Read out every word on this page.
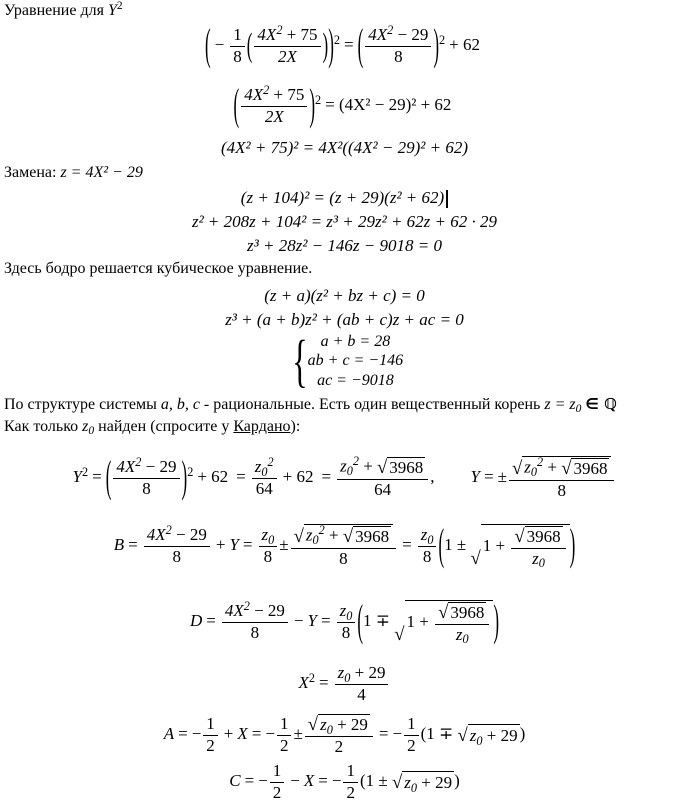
Уравнение для $Y^2$
( − $\frac{1}{8}$ ( $\frac{4X^2 + 75}{2X} ))^2$ = ( $\frac{4X^2 - 29}{8} )^2 + 62$
( $\frac{4X^2 + 75}{2X} )^2 = (4X^2 - 29)^2 + 62$
(4X² + 75)² = 4X²((4X² − 29)² + 62)
Замена: z = 4X² − 29
(z + 104)² = (z + 29)(z² + 62)
z² + 208z + 104² = z³ + 29z² + 62z + 62 · 29
z³ + 28z² − 146z − 9018 = 0
Здесь бодро решается кубическое уравнение.
(z + a)(z² + bz + c) = 0
z³ + (a + b)z² + (ab + c)z + ac = 0
{ a + b = 28
ab + c = −146
ac = −9018
По структуре системы a, b, c - рациональные. Есть один вещественный корень $z = z_0$ ∈ ℚ
Как только $z_0$ найден (спросите у Кардано):
$Y^2$ = ( $\frac{4X^2 - 29}{8} )^2 + 62 = \frac{z_0^2}{64} + 62 = \frac{z_0^2 + √ 3968}{64}$ , Y = ± $\frac{√ z_0^2 + √ 3968}{8}$
$B = \frac{4X^2 - 29}{8} + Y = \frac{z_0}{8} \pm \frac{√ z_0^2 + √ 3968}{8} = \frac{z_0}{8} (1$ ±
√
$1 + \frac{√ 3968}{z_0}$ )
$D = \frac{4X^2 - 29}{8} - Y = \frac{z_0}{8} (1$ ∓
√
$1 + \frac{√ 3968}{z_0}$ )
$X^2 = \frac{z_0 + 29}{4}$
A = − $\frac{1}{2} + X$ = − $\frac{1}{2} \pm \frac{√ z_0 + 29}{2}$ = − $\frac{1}{2} (1$ ∓ √ $z_0 + 29$ )
C = − $\frac{1}{2} - X$ = − $\frac{1}{2} (1$ ± √ $z_0 + 29$ )
